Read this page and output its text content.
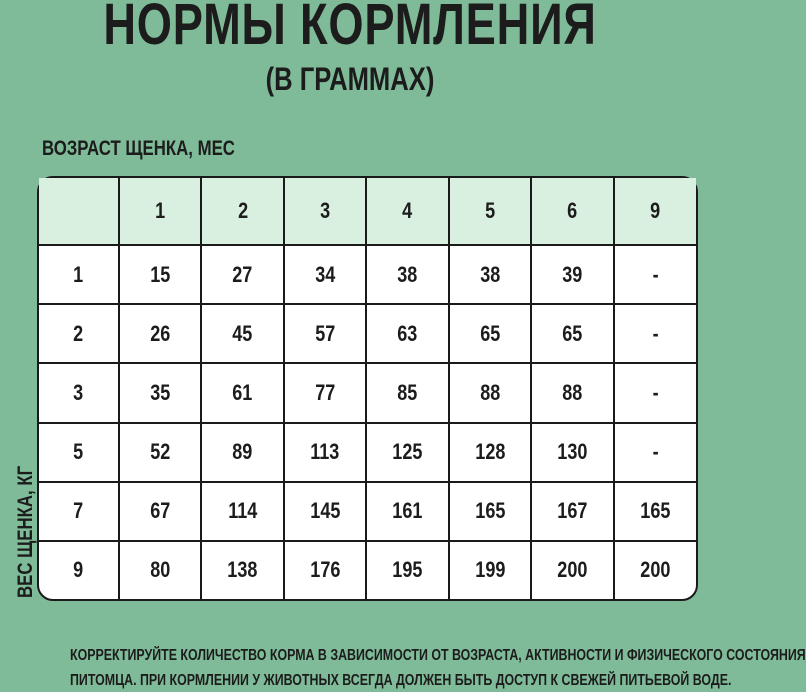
НОРМЫ КОРМЛЕНИЯ
(В ГРАММАХ)
ВОЗРАСТ ЩЕНКА, МЕС
ВЕС ЩЕНКА, КГ
	1	2	3	4	5	6	9
1	15	27	34	38	38	39	-
2	26	45	57	63	65	65	-
3	35	61	77	85	88	88	-
5	52	89	113	125	128	130	-
7	67	114	145	161	165	167	165
9	80	138	176	195	199	200	200
КОРРЕКТИРУЙТЕ КОЛИЧЕСТВО КОРМА В ЗАВИСИМОСТИ ОТ ВОЗРАСТА, АКТИВНОСТИ И ФИЗИЧЕСКОГО СОСТОЯНИЯ
ПИТОМЦА. ПРИ КОРМЛЕНИИ У ЖИВОТНЫХ ВСЕГДА ДОЛЖЕН БЫТЬ ДОСТУП К СВЕЖЕЙ ПИТЬЕВОЙ ВОДЕ.
